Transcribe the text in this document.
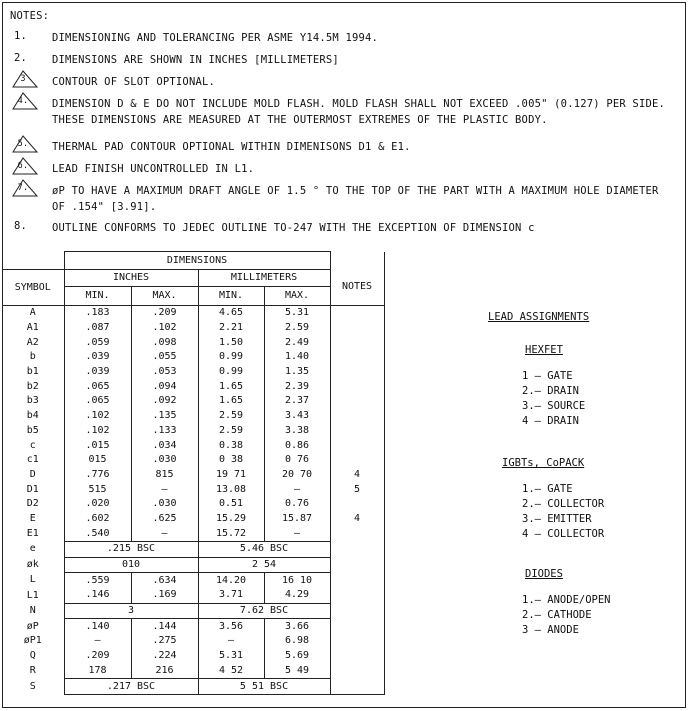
NOTES:
1.	DIMENSIONING AND TOLERANCING PER ASME Y14.5M 1994.
2.	DIMENSIONS ARE SHOWN IN INCHES [MILLIMETERS]
3	CONTOUR OF SLOT OPTIONAL.
4.	DIMENSION D & E DO NOT INCLUDE MOLD FLASH. MOLD FLASH SHALL NOT EXCEED .005" (0.127) PER SIDE. THESE DIMENSIONS ARE MEASURED AT THE OUTERMOST EXTREMES OF THE PLASTIC BODY.
5.	THERMAL PAD CONTOUR OPTIONAL WITHIN DIMENISONS D1 & E1.
6.	LEAD FINISH UNCONTROLLED IN L1.
7.	øP TO HAVE A MAXIMUM DRAFT ANGLE OF 1.5 ° TO THE TOP OF THE PART WITH A MAXIMUM HOLE DIAMETER OF .154" [3.91].
8.	OUTLINE CONFORMS TO JEDEC OUTLINE TO-247 WITH THE EXCEPTION OF DIMENSION c
	DIMENSIONS				
SYMBOL	INCHES		MILLIMETERS		NOTES
	MIN.	MAX.	MIN.	MAX.	
A	.183	.209	4.65	5.31	
A1	.087	.102	2.21	2.59	
A2	.059	.098	1.50	2.49	
b	.039	.055	0.99	1.40	
b1	.039	.053	0.99	1.35	
b2	.065	.094	1.65	2.39	
b3	.065	.092	1.65	2.37	
b4	.102	.135	2.59	3.43	
b5	.102	.133	2.59	3.38	
c	.015	.034	0.38	0.86	
c1	015	.030	0 38	0 76	
D	.776	815	19 71	20 70	4
D1	515	–	13.08	–	5
D2	.020	.030	0.51	0.76	
E	.602	.625	15.29	15.87	4
E1	.540	–	15.72	–	
e	.215 BSC		5.46 BSC		
øk	010		2 54		
L	.559	.634	14.20	16 10	
L1	.146	.169	3.71	4.29	
N	3		7.62 BSC		
øP	.140	.144	3.56	3.66	
øP1	–	.275	–	6.98	
Q	.209	.224	5.31	5.69	
R	178	216	4 52	5 49	
S	.217 BSC		5 51 BSC		
LEAD ASSIGNMENTS
HEXFET
1 – GATE
2.– DRAIN
3.– SOURCE
4 – DRAIN
IGBTs, CoPACK
1.– GATE
2.– COLLECTOR
3.– EMITTER
4 – COLLECTOR
DIODES
1.– ANODE/OPEN
2.– CATHODE
3 – ANODE
